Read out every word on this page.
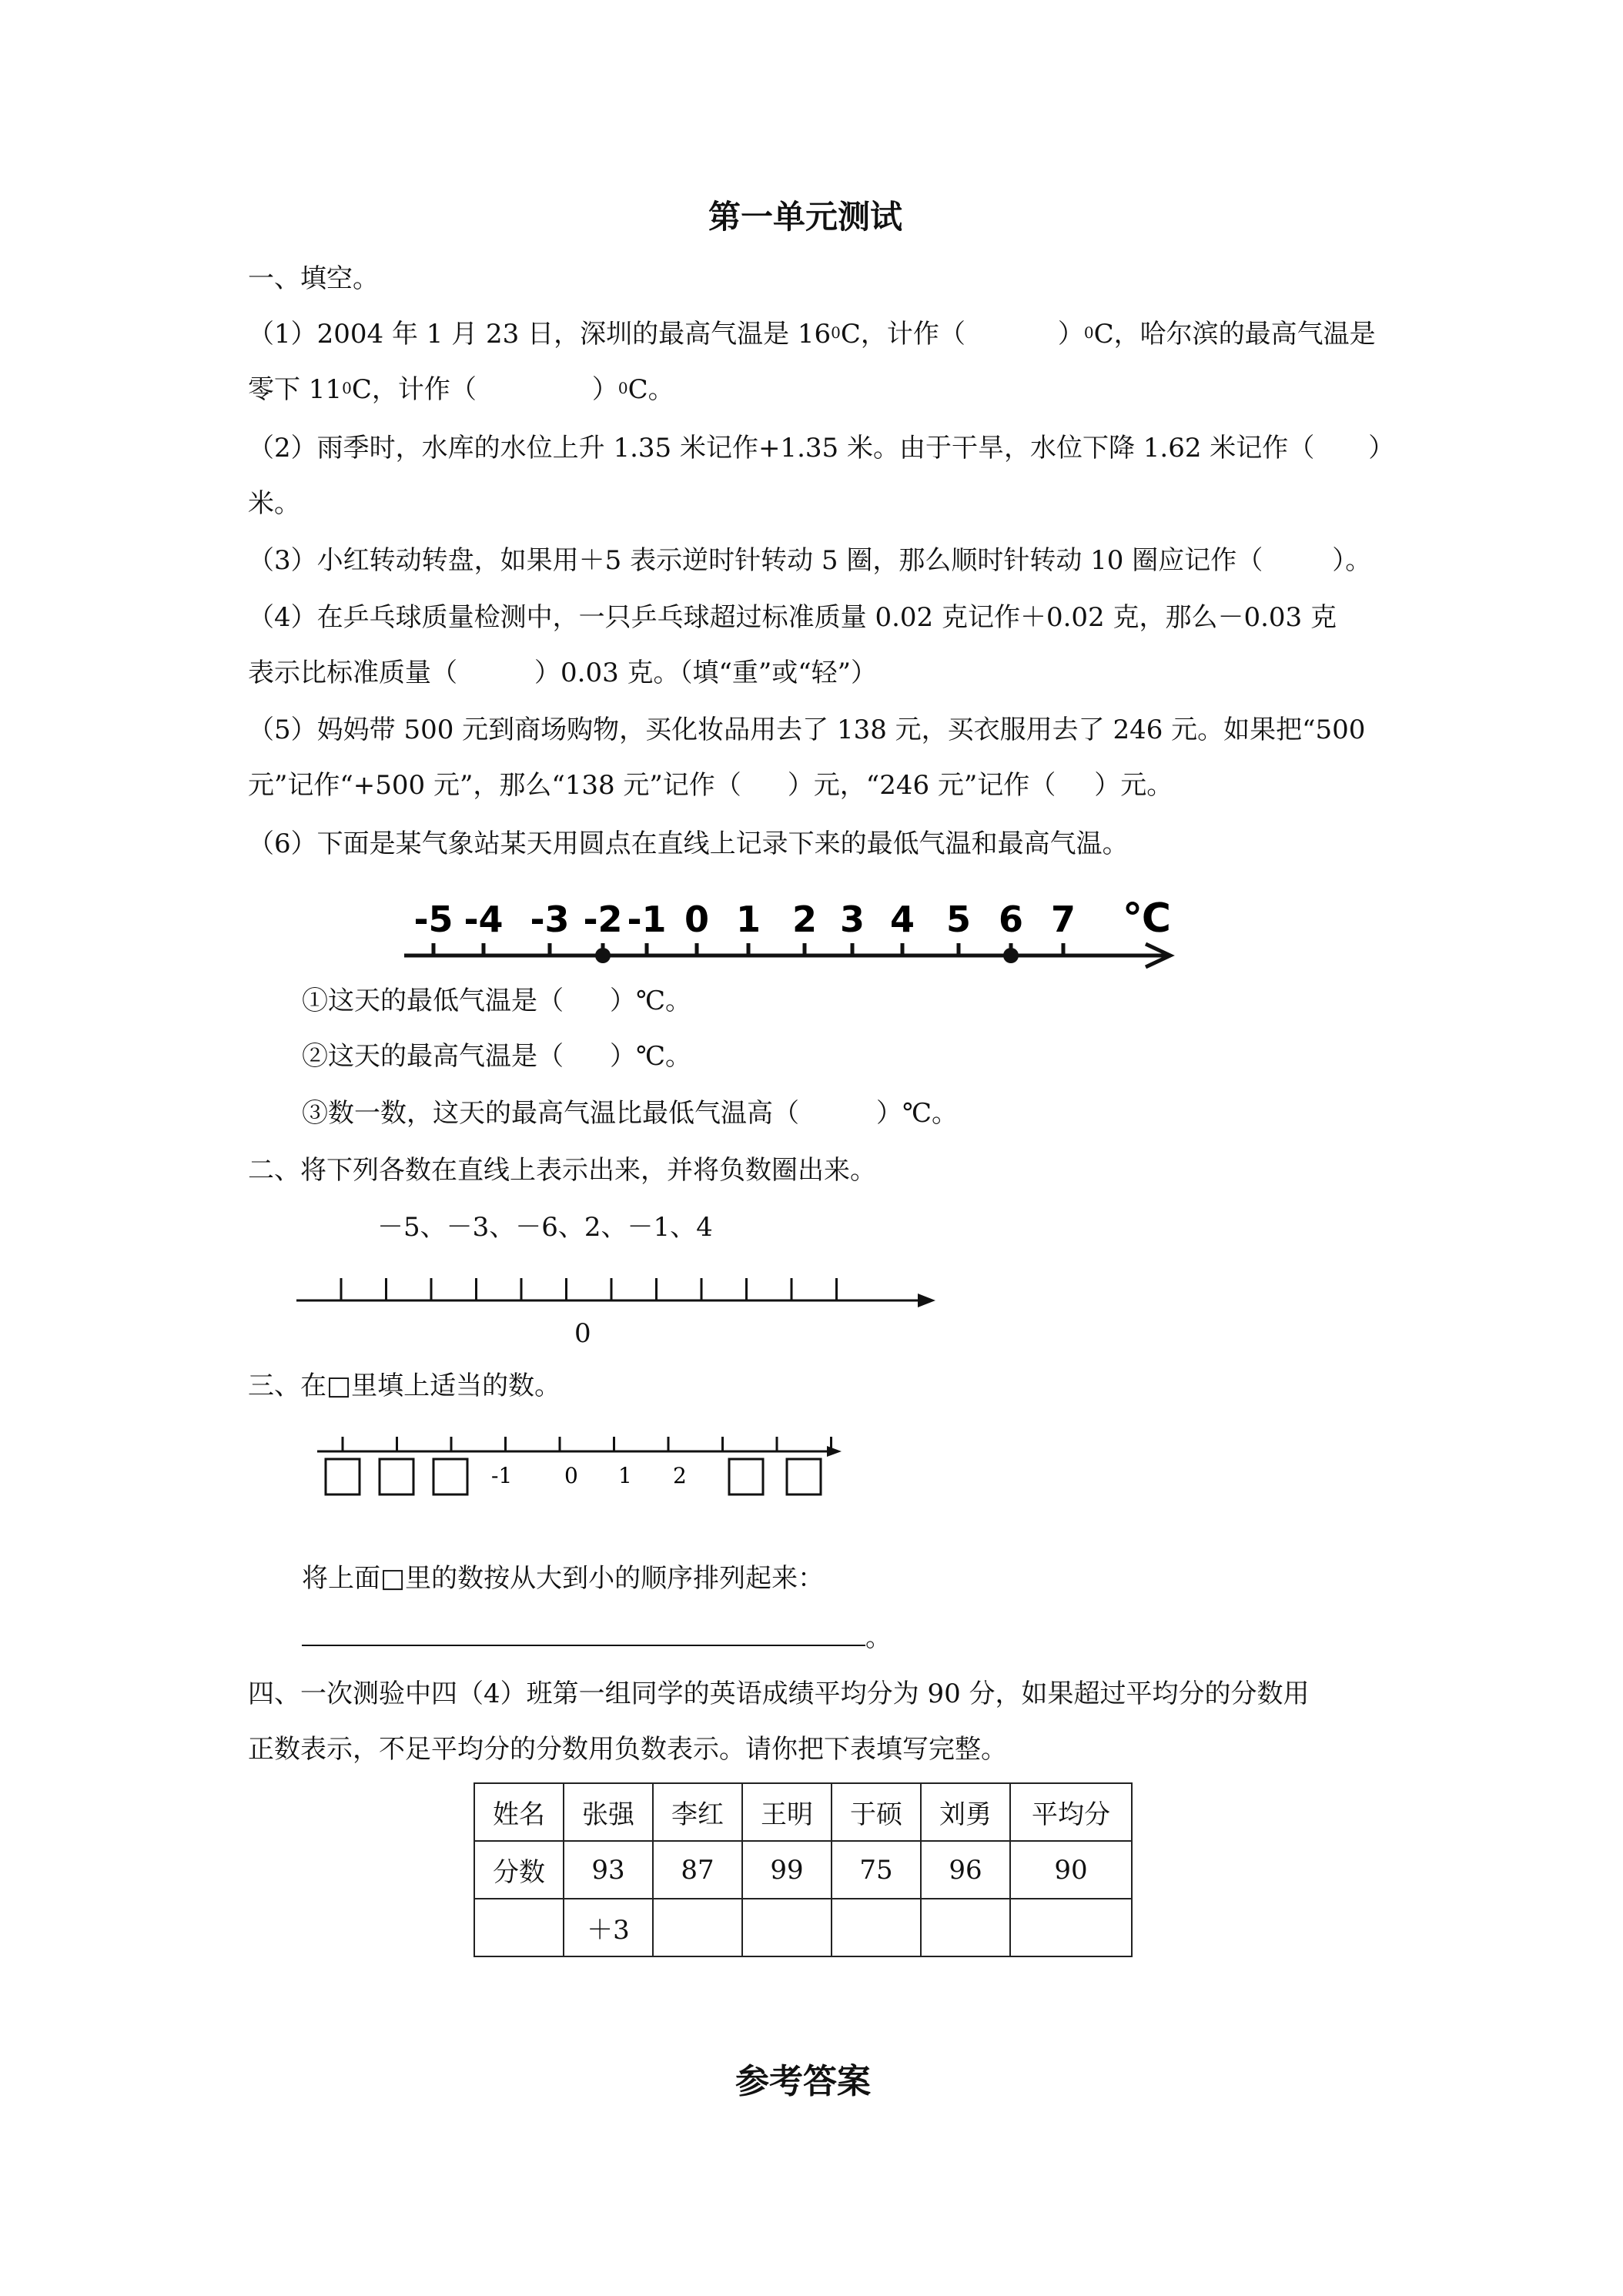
第一单元测试
一、填空。
（1）2004 年 1 月 23 日，深圳的最高气温是 $16^0C$，计作（	）$^0$C，哈尔滨的最高气温是
零下 $11^0C$，计作（	）$^0$C。
（2）雨季时，水库的水位上升 1.35 米记作+1.35 米。由于干旱，水位下降 1.62 米记作（ ）
米。
（3）小红转动转盘，如果用＋5 表示逆时针转动 5 圈，那么顺时针转动 10 圈应记作（	）。
（4）在乒乓球质量检测中，一只乒乓球超过标准质量 0.02 克记作＋0.02 克，那么－0.03 克
表示比标准质量（	）0.03 克。（填“重”或“轻”）
（5）妈妈带 500 元到商场购物，买化妆品用去了 138 元，买衣服用去了 246 元。如果把“500
元”记作“+500 元”，那么“138 元”记作（ ）元，“246 元”记作（ ）元。
（6）下面是某气象站某天用圆点在直线上记录下来的最低气温和最高气温。
-5 -4 -3 -2 -1 0 1 2 3 4 5 6 7 ℃
①这天的最低气温是（ ）℃。
②这天的最高气温是（ ）℃。
③数一数，这天的最高气温比最低气温高（	）℃。
二、将下列各数在直线上表示出来，并将负数圈出来。
－5、－3、－6、2、－1、4
0
三、在□里填上适当的数。
-1 0 1 2
将上面□里的数按从大到小的顺序排列起来：
。
四、一次测验中四（4）班第一组同学的英语成绩平均分为 90 分，如果超过平均分的分数用
正数表示，不足平均分的分数用负数表示。请你把下表填写完整。
姓名	张强	李红	王明	于硕	刘勇	平均分
分数	93	87	99	75	96	90
	＋3					
参考答案
